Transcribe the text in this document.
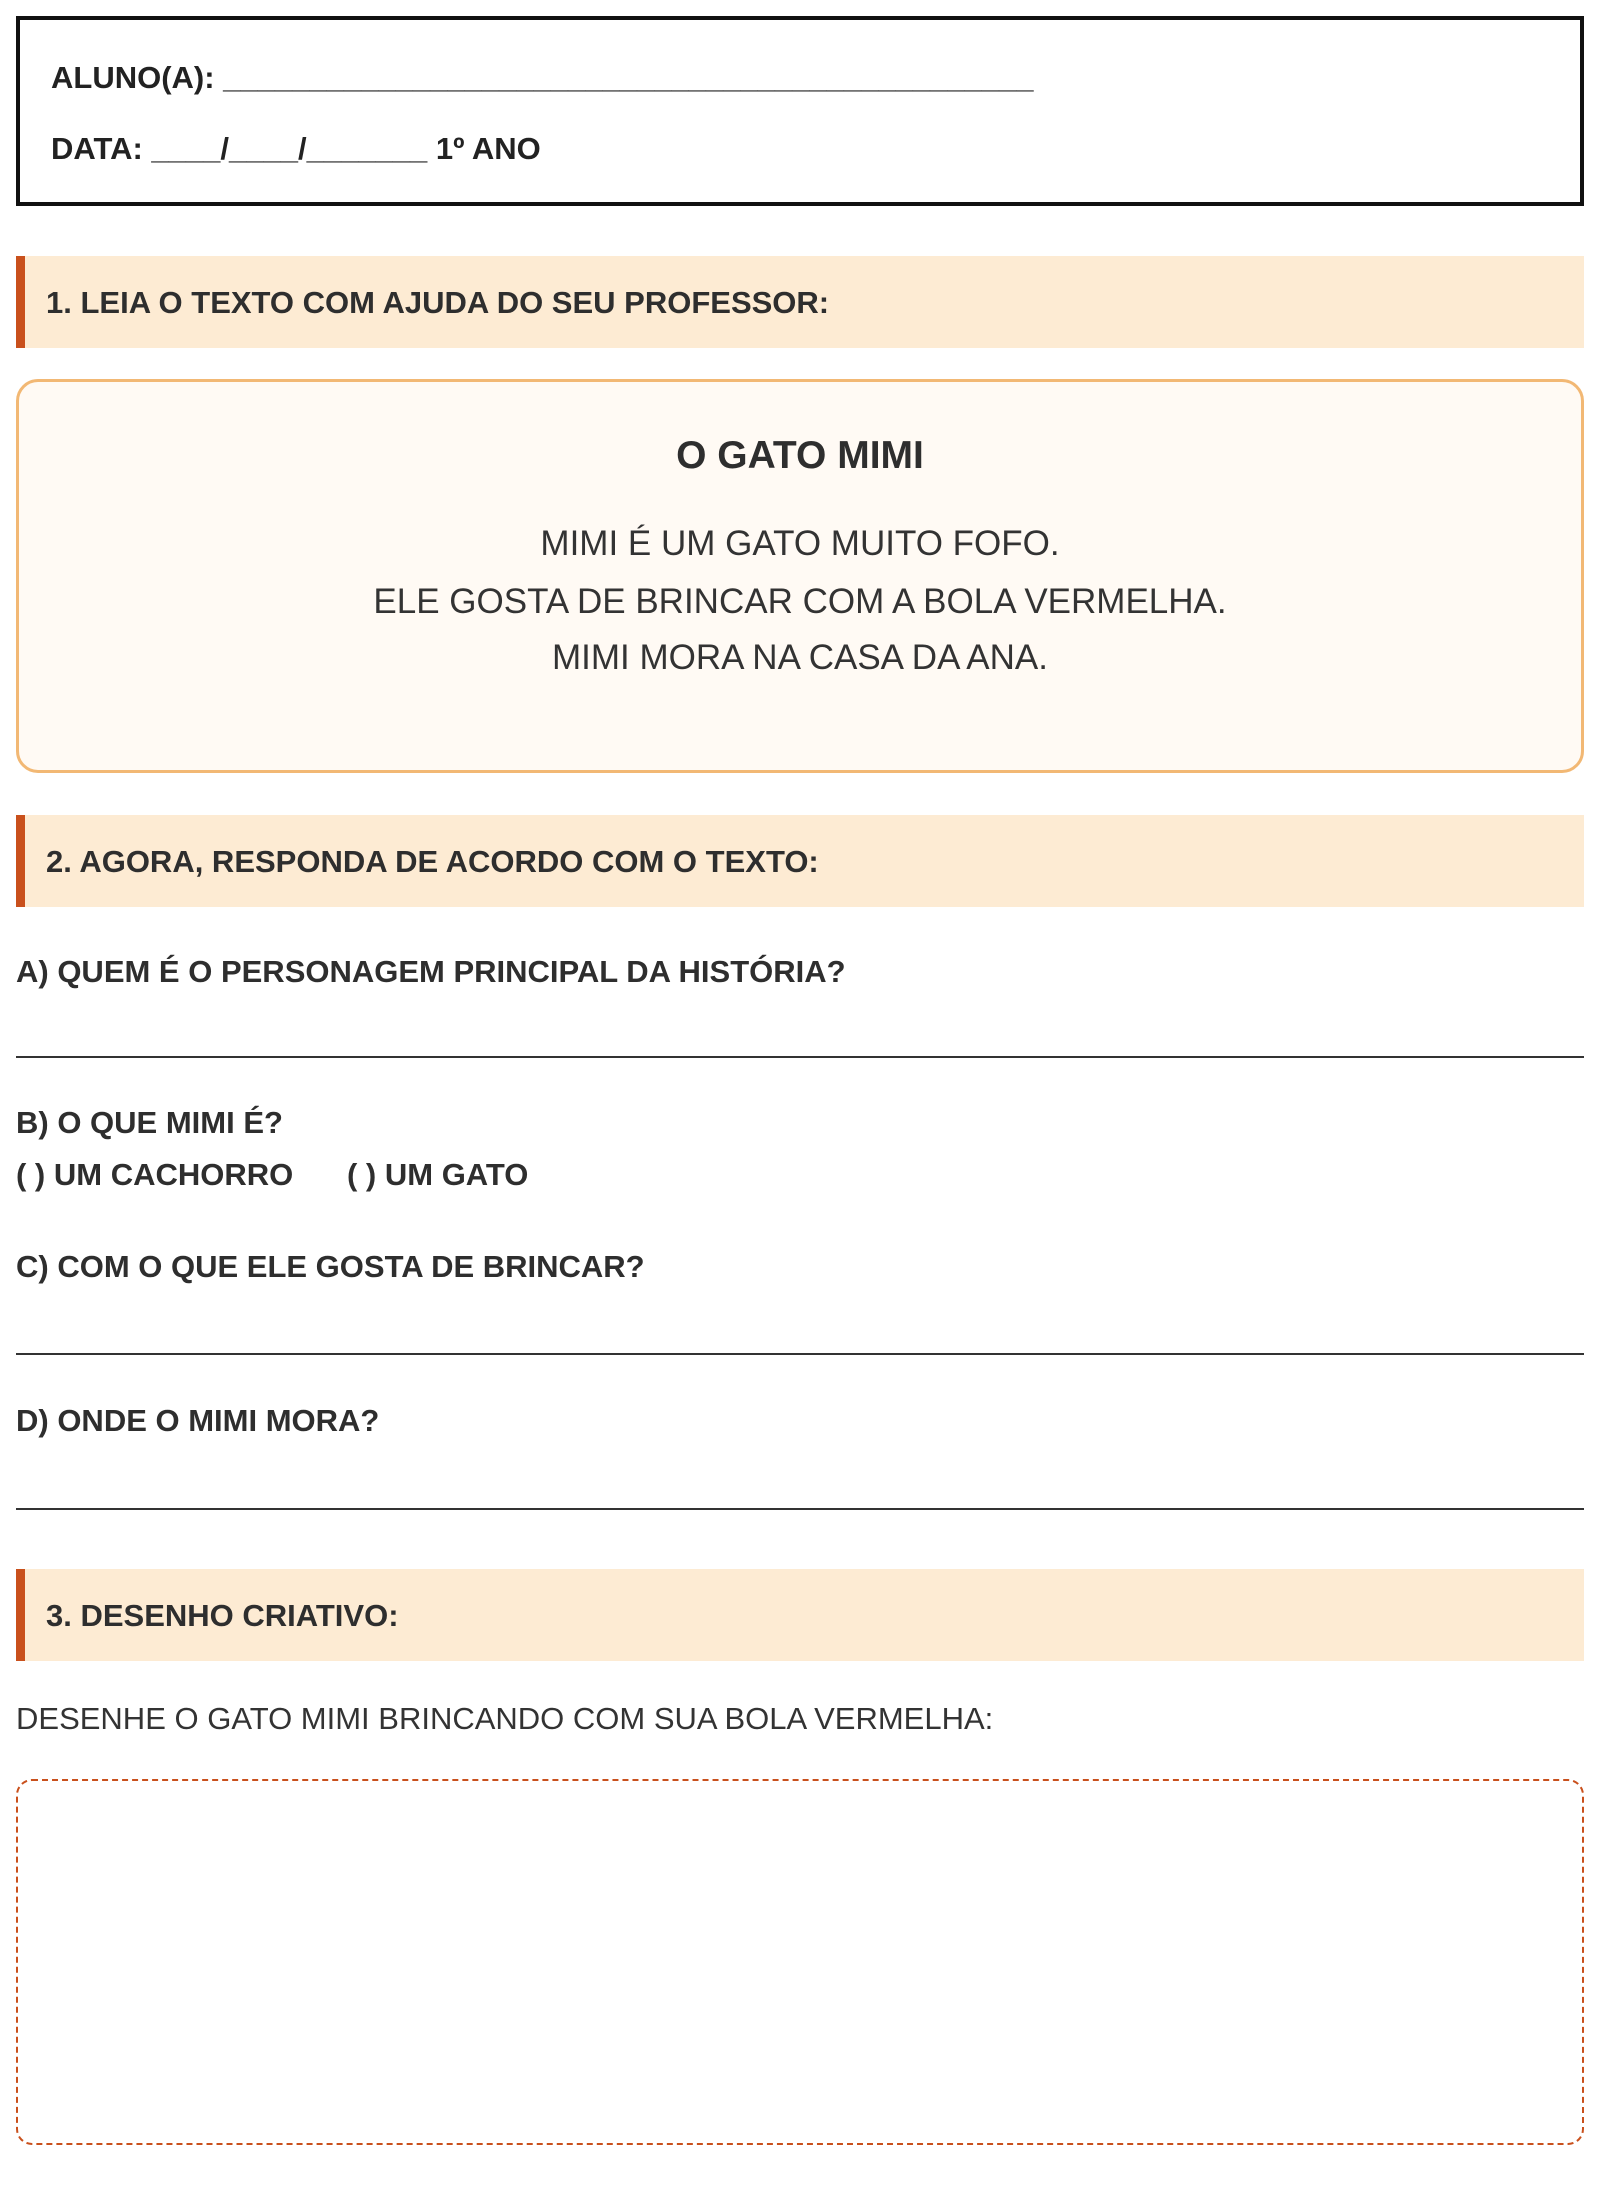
ALUNO(A): _______________________________________________
DATA: ____/____/_______ 1º ANO
1. LEIA O TEXTO COM AJUDA DO SEU PROFESSOR:
O GATO MIMI
MIMI É UM GATO MUITO FOFO.
ELE GOSTA DE BRINCAR COM A BOLA VERMELHA.
MIMI MORA NA CASA DA ANA.
2. AGORA, RESPONDA DE ACORDO COM O TEXTO:
A) QUEM É O PERSONAGEM PRINCIPAL DA HISTÓRIA?
B) O QUE MIMI É?
( ) UM CACHORRO ( ) UM GATO
C) COM O QUE ELE GOSTA DE BRINCAR?
D) ONDE O MIMI MORA?
3. DESENHO CRIATIVO:
DESENHE O GATO MIMI BRINCANDO COM SUA BOLA VERMELHA:
